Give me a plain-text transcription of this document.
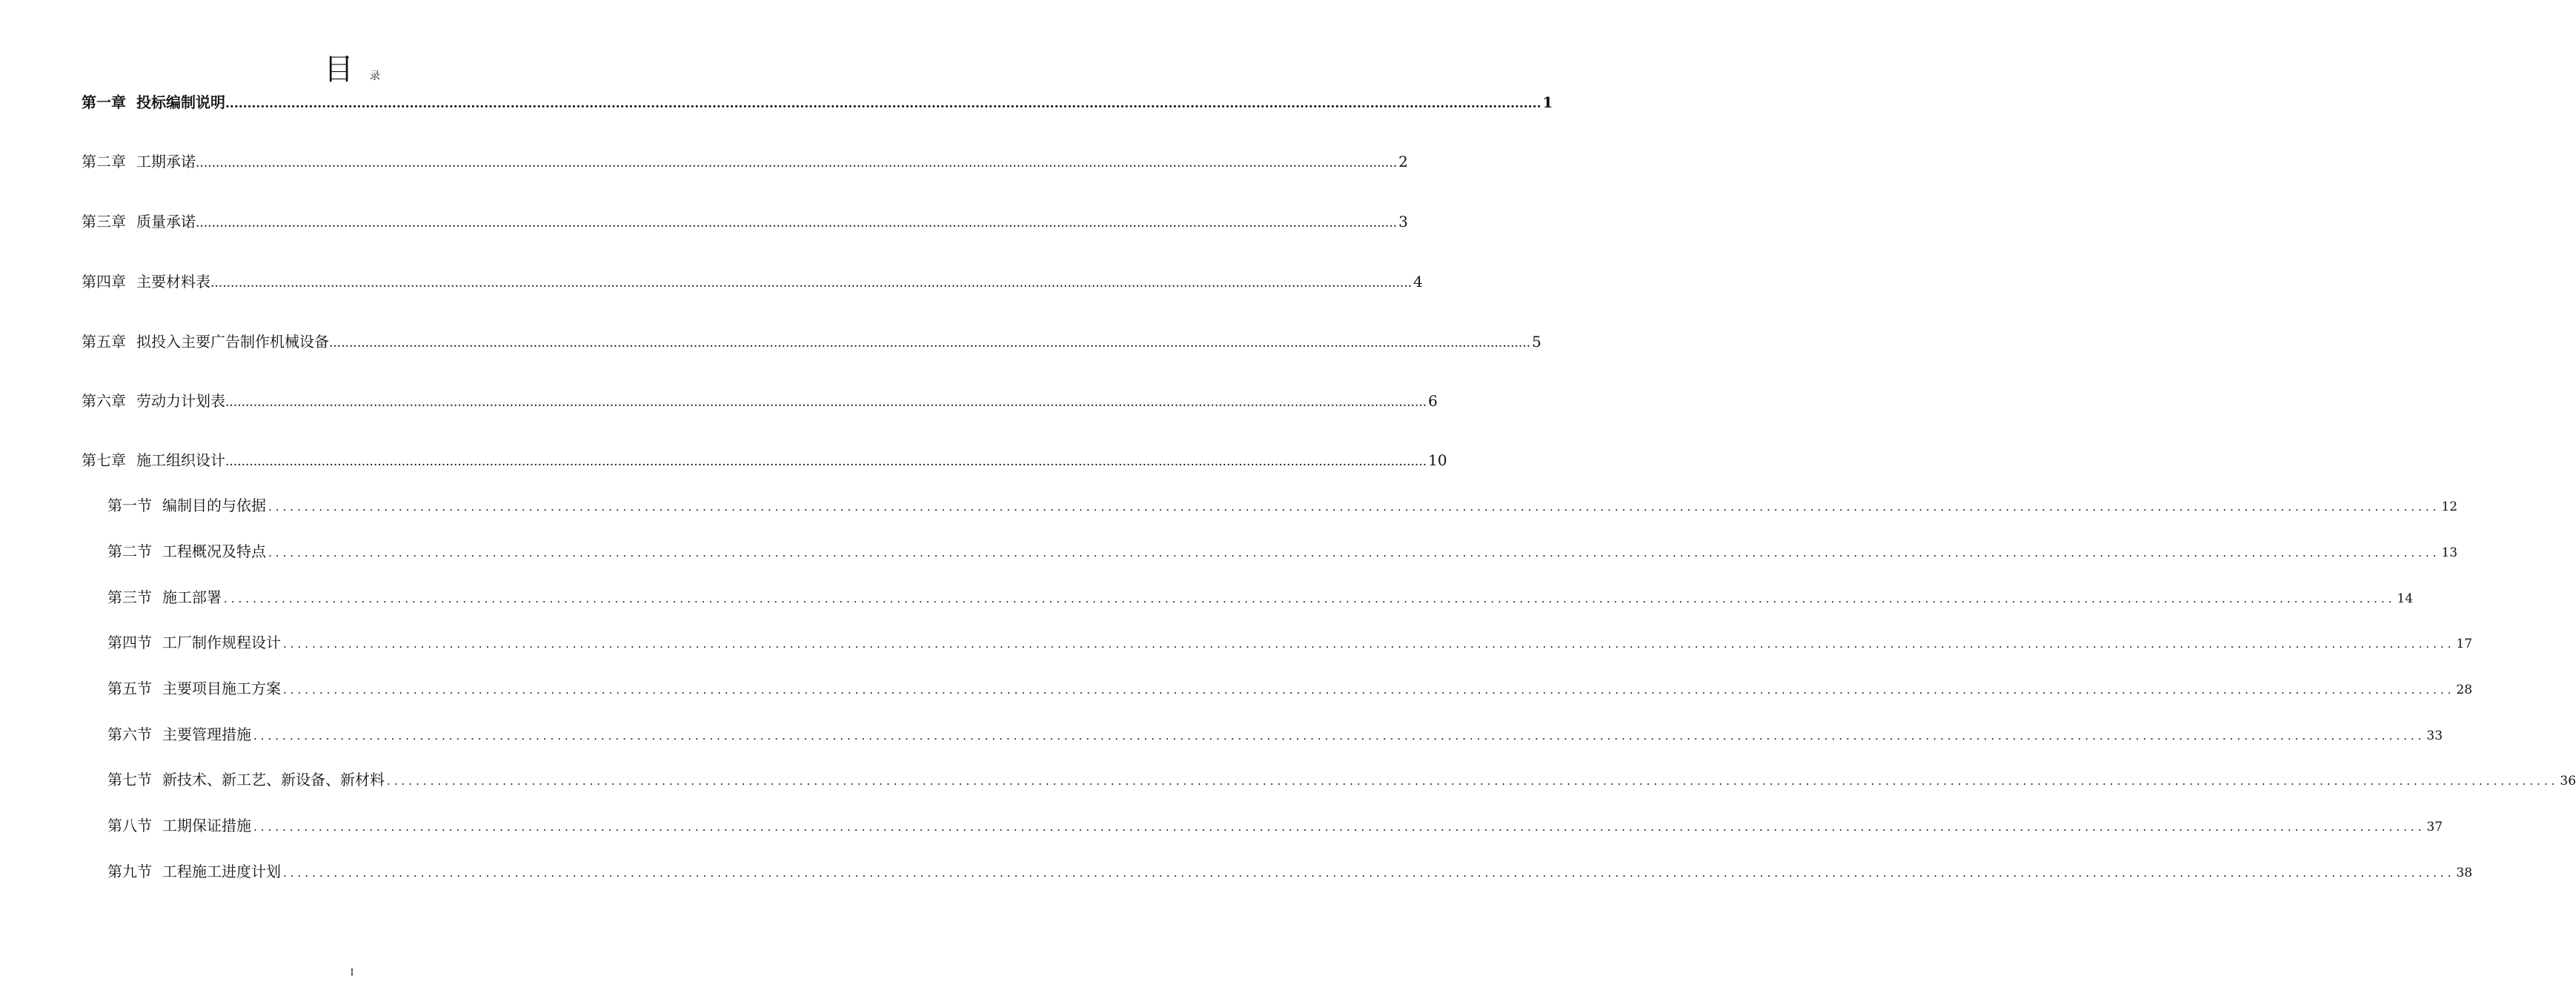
目 录
第一章 投标编制说明 ............................................................................................................................................................................................................................................................................................................ 1
第二章 工期承诺 ............................................................................................................................................................................................................................................................................................................ 2
第三章 质量承诺 ............................................................................................................................................................................................................................................................................................................ 3
第四章 主要材料表 ............................................................................................................................................................................................................................................................................................................ 4
第五章 拟投入主要广告制作机械设备 ............................................................................................................................................................................................................................................................................................................ 5
第六章 劳动力计划表 ............................................................................................................................................................................................................................................................................................................ 6
第七章 施工组织设计 ............................................................................................................................................................................................................................................................................................................ 10
第一节 编制目的与依据 ............................................................................................................................................................................................................................................................................................................ 12
第二节 工程概况及特点 ............................................................................................................................................................................................................................................................................................................ 13
第三节 施工部署 ............................................................................................................................................................................................................................................................................................................ 14
第四节 工厂制作规程设计 ............................................................................................................................................................................................................................................................................................................ 17
第五节 主要项目施工方案 ............................................................................................................................................................................................................................................................................................................ 28
第六节 主要管理措施 ............................................................................................................................................................................................................................................................................................................ 33
第七节 新技术、新工艺、新设备、新材料 ............................................................................................................................................................................................................................................................................................................ 36
第八节 工期保证措施 ............................................................................................................................................................................................................................................................................................................ 37
第九节 工程施工进度计划 ............................................................................................................................................................................................................................................................................................................ 38
I
